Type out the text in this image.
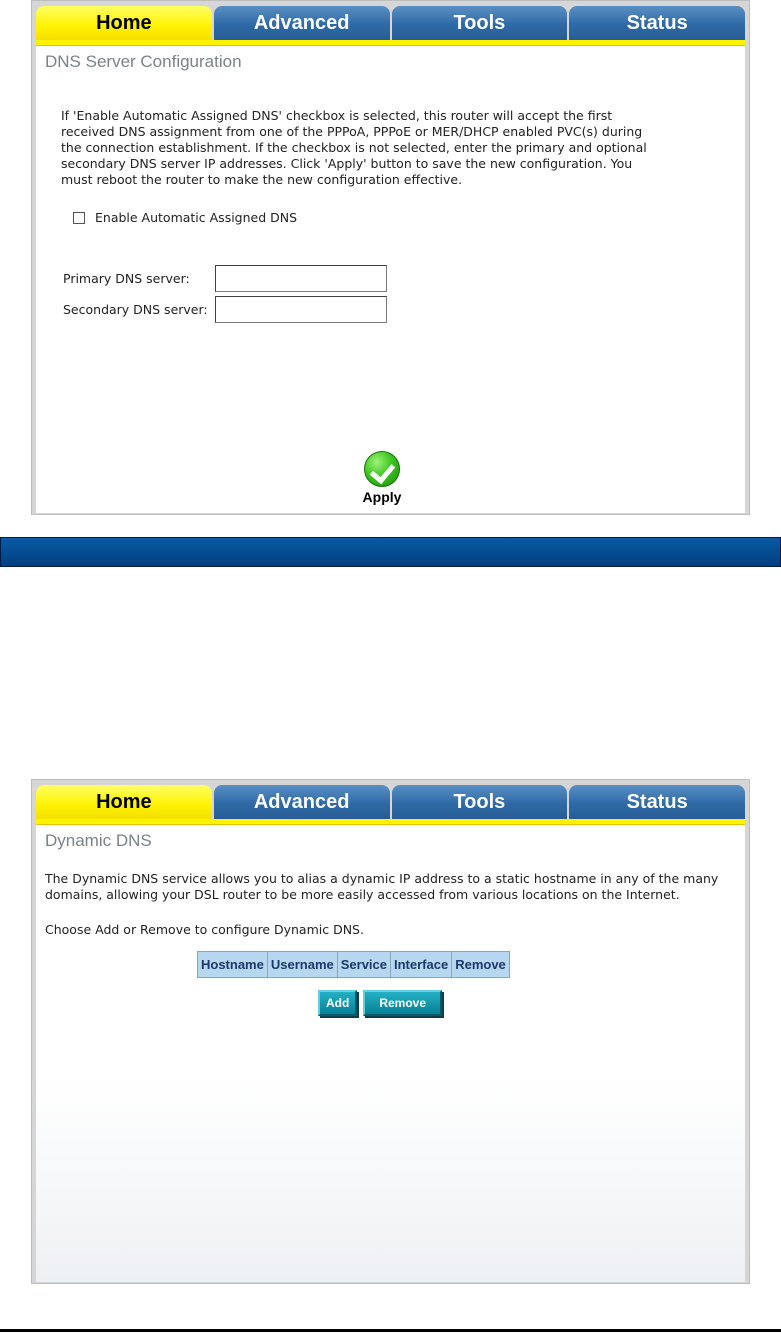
Home	Advanced	Tools	Status
DNS Server Configuration
If 'Enable Automatic Assigned DNS' checkbox is selected, this router will accept the first received DNS assignment from one of the PPPoA, PPPoE or MER/DHCP enabled PVC(s) during the connection establishment. If the checkbox is not selected, enter the primary and optional secondary DNS server IP addresses. Click 'Apply' button to save the new configuration. You must reboot the router to make the new configuration effective.
Enable Automatic Assigned DNS
Primary DNS server:
Secondary DNS server:
Apply
Home	Advanced	Tools	Status
Dynamic DNS
The Dynamic DNS service allows you to alias a dynamic IP address to a static hostname in any of the many domains, allowing your DSL router to be more easily accessed from various locations on the Internet.
Choose Add or Remove to configure Dynamic DNS.
Hostname	Username	Service	Interface	Remove
Add	Remove
